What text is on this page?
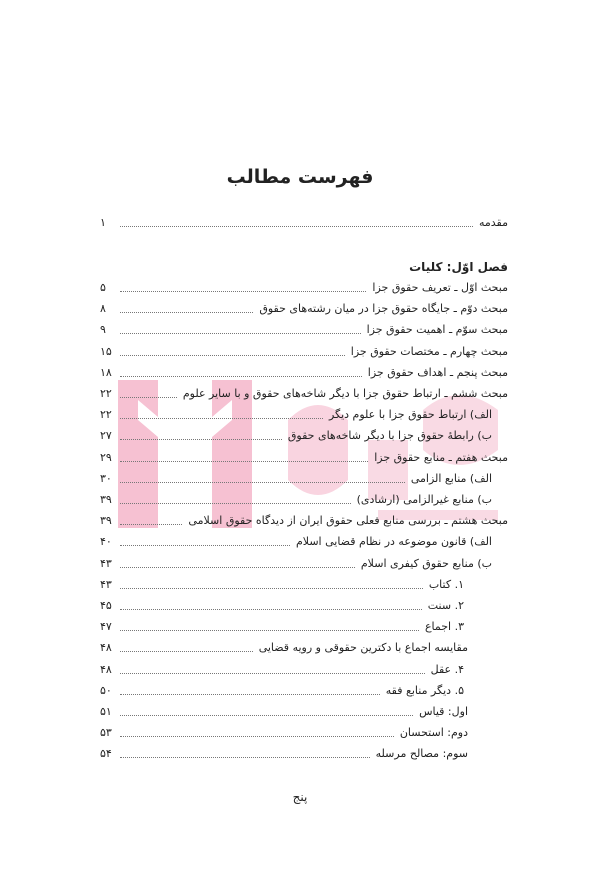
فهرست مطالب
مقدمه
۱
فصل اوّل: کلیات
مبحث اوّل ـ تعریف حقوق جزا
۵
مبحث دوّم ـ جایگاه حقوق جزا در میان رشته‌های حقوق
۸
مبحث سوّم ـ اهمیت حقوق جزا
۹
مبحث چهارم ـ مختصات حقوق جزا
۱۵
مبحث پنجم ـ اهداف حقوق جزا
۱۸
مبحث ششم ـ ارتباط حقوق جزا با دیگر شاخه‌های حقوق و با سایر علوم
۲۲
الف) ارتباط حقوق جزا با علوم دیگر
۲۲
ب) رابطهٔ حقوق جزا با دیگر شاخه‌های حقوق
۲۷
مبحث هفتم ـ منابع حقوق جزا
۲۹
الف) منابع الزامی
۳۰
ب) منابع غیرالزامی (ارشادی)
۳۹
مبحث هشتم ـ بررسی منابع فعلی حقوق ایران از دیدگاه حقوق اسلامی
۳۹
الف) قانون موضوعه در نظام قضایی اسلام
۴۰
ب) منابع حقوق کیفری اسلام
۴۳
۱. کتاب
۴۳
۲. سنت
۴۵
۳. اجماع
۴۷
مقایسه اجماع با دکترین حقوقی و رویه قضایی
۴۸
۴. عقل
۴۸
۵. دیگر منابع فقه
۵۰
اول: قیاس
۵۱
دوم: استحسان
۵۳
سوم: مصالح مرسله
۵۴
پنج
